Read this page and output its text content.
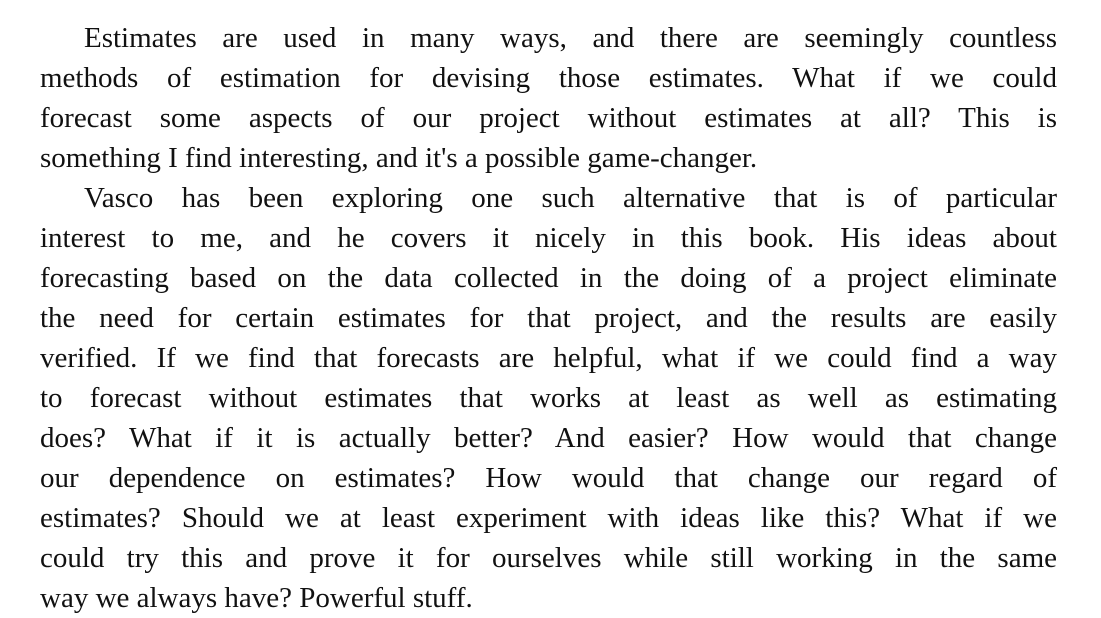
Estimates are used in many ways, and there are seemingly countless
methods of estimation for devising those estimates. What if we could
forecast some aspects of our project without estimates at all? This is
something I find interesting, and it's a possible game-changer.
Vasco has been exploring one such alternative that is of particular
interest to me, and he covers it nicely in this book. His ideas about
forecasting based on the data collected in the doing of a project eliminate
the need for certain estimates for that project, and the results are easily
verified. If we find that forecasts are helpful, what if we could find a way
to forecast without estimates that works at least as well as estimating
does? What if it is actually better? And easier? How would that change
our dependence on estimates? How would that change our regard of
estimates? Should we at least experiment with ideas like this? What if we
could try this and prove it for ourselves while still working in the same
way we always have? Powerful stuff.
